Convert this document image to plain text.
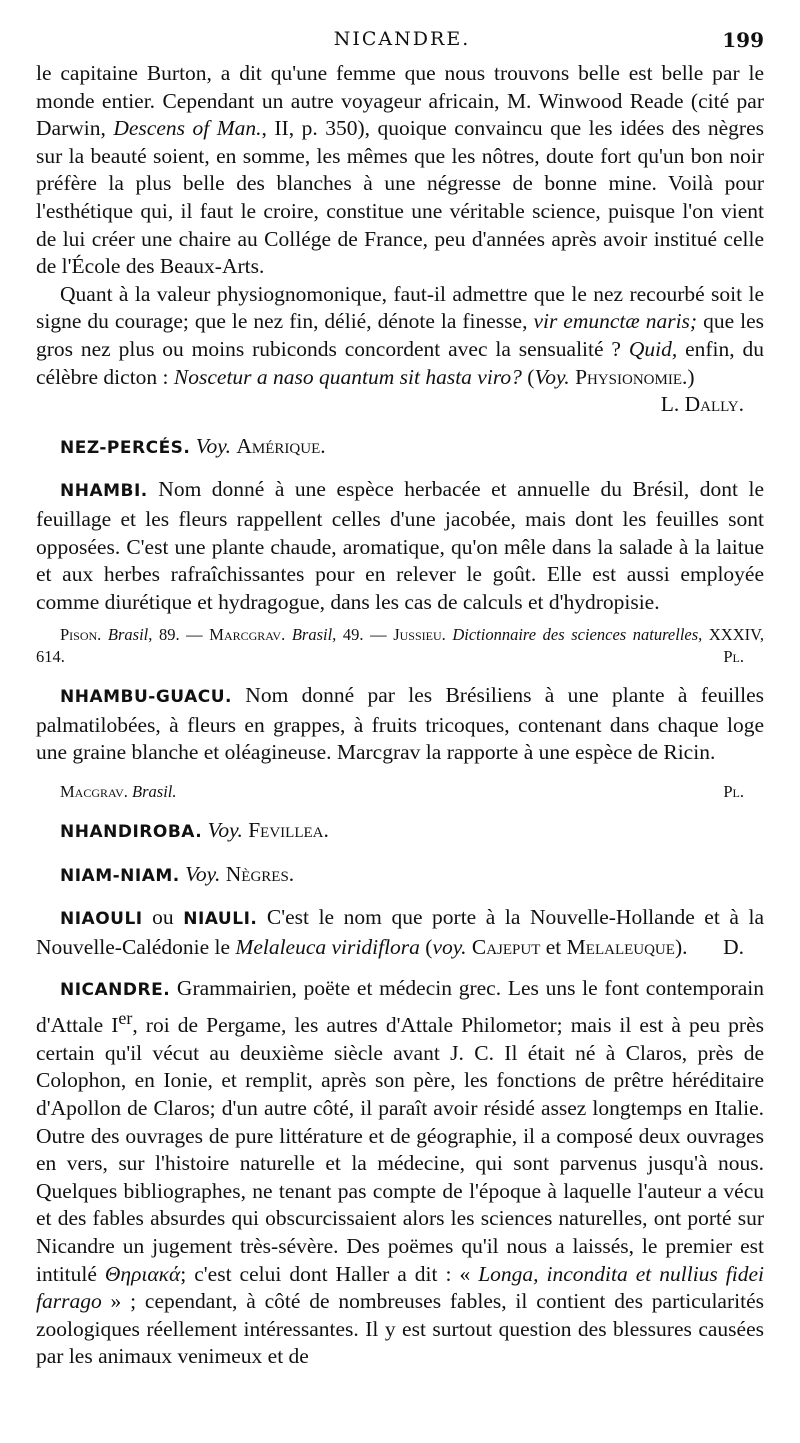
NICANDRE.	199

le capitaine Burton, a dit qu'une femme que nous trouvons belle est belle par le monde entier. Cependant un autre voyageur africain, M. Winwood Reade (cité par Darwin, Descens of Man., II, p. 350), quoique convaincu que les idées des nègres sur la beauté soient, en somme, les mêmes que les nôtres, doute fort qu'un bon noir préfère la plus belle des blanches à une négresse de bonne mine. Voilà pour l'esthétique qui, il faut le croire, constitue une véritable science, puisque l'on vient de lui créer une chaire au Collége de France, peu d'années après avoir institué celle de l'École des Beaux-Arts.

Quant à la valeur physiognomonique, faut-il admettre que le nez recourbé soit le signe du courage; que le nez fin, délié, dénote la finesse, vir emunctæ naris; que les gros nez plus ou moins rubiconds concordent avec la sensualité ? Quid, enfin, du célèbre dicton : Noscetur a naso quantum sit hasta viro? (Voy. Physionomie.)
L. Dally.

NEZ-PERCÉS. Voy. Amérique.

NHAMBI. Nom donné à une espèce herbacée et annuelle du Brésil, dont le feuillage et les fleurs rappellent celles d'une jacobée, mais dont les feuilles sont opposées. C'est une plante chaude, aromatique, qu'on mêle dans la salade à la laitue et aux herbes rafraîchissantes pour en relever le goût. Elle est aussi employée comme diurétique et hydragogue, dans les cas de calculs et d'hydropisie.

Pison. Brasil, 89. — Marcgrav. Brasil, 49. — Jussieu. Dictionnaire des sciences naturelles, XXXIV, 614.	Pl.

NHAMBU-GUACU. Nom donné par les Brésiliens à une plante à feuilles palmatilobées, à fleurs en grappes, à fruits tricoques, contenant dans chaque loge une graine blanche et oléagineuse. Marcgrav la rapporte à une espèce de Ricin.

Macgrav. Brasil.	Pl.

NHANDIROBA. Voy. Fevillea.

NIAM-NIAM. Voy. Nègres.

NIAOULI ou NIAULI. C'est le nom que porte à la Nouvelle-Hollande et à la Nouvelle-Calédonie le Melaleuca viridiflora (voy. Cajeput et Melaleuque).	D.

NICANDRE. Grammairien, poëte et médecin grec. Les uns le font contemporain d'Attale Ier, roi de Pergame, les autres d'Attale Philometor; mais il est à peu près certain qu'il vécut au deuxième siècle avant J. C. Il était né à Claros, près de Colophon, en Ionie, et remplit, après son père, les fonctions de prêtre héréditaire d'Apollon de Claros; d'un autre côté, il paraît avoir résidé assez longtemps en Italie. Outre des ouvrages de pure littérature et de géographie, il a composé deux ouvrages en vers, sur l'histoire naturelle et la médecine, qui sont parvenus jusqu'à nous. Quelques bibliographes, ne tenant pas compte de l'époque à laquelle l'auteur a vécu et des fables absurdes qui obscurcissaient alors les sciences naturelles, ont porté sur Nicandre un jugement très-sévère. Des poëmes qu'il nous a laissés, le premier est intitulé Θηριακά; c'est celui dont Haller a dit : « Longa, incondita et nullius fidei farrago » ; cependant, à côté de nombreuses fables, il contient des particularités zoologiques réellement intéressantes. Il y est surtout question des blessures causées par les animaux venimeux et de
